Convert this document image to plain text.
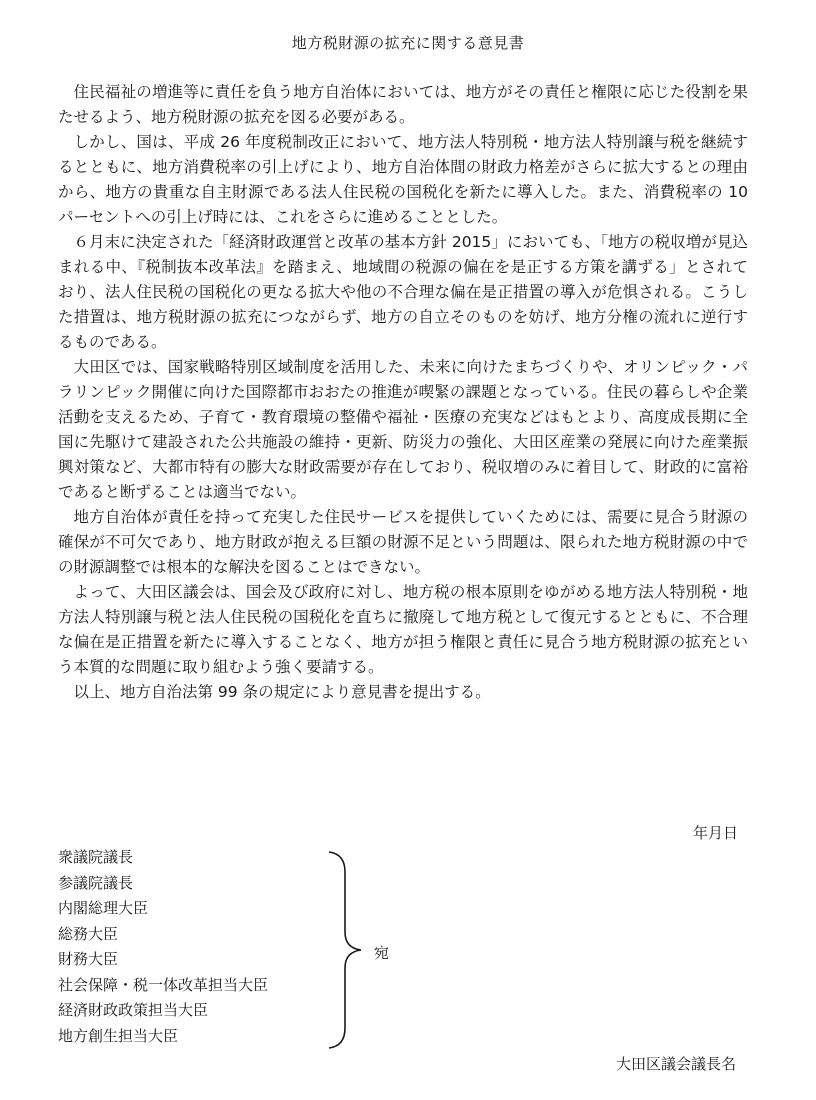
地方税財源の拡充に関する意見書

住民福祉の増進等に責任を負う地方自治体においては、地方がその責任と権限に応じた役割を果たせるよう、地方税財源の拡充を図る必要がある。

しかし、国は、平成 26 年度税制改正において、地方法人特別税・地方法人特別譲与税を継続するとともに、地方消費税率の引上げにより、地方自治体間の財政力格差がさらに拡大するとの理由から、地方の貴重な自主財源である法人住民税の国税化を新たに導入した。また、消費税率の 10 パーセントへの引上げ時には、これをさらに進めることとした。

６月末に決定された「経済財政運営と改革の基本方針 2015」においても、「地方の税収増が見込まれる中、『税制抜本改革法』を踏まえ、地域間の税源の偏在を是正する方策を講ずる」とされており、法人住民税の国税化の更なる拡大や他の不合理な偏在是正措置の導入が危惧される。こうした措置は、地方税財源の拡充につながらず、地方の自立そのものを妨げ、地方分権の流れに逆行するものである。

大田区では、国家戦略特別区域制度を活用した、未来に向けたまちづくりや、オリンピック・パラリンピック開催に向けた国際都市おおたの推進が喫緊の課題となっている。住民の暮らしや企業活動を支えるため、子育て・教育環境の整備や福祉・医療の充実などはもとより、高度成長期に全国に先駆けて建設された公共施設の維持・更新、防災力の強化、大田区産業の発展に向けた産業振興対策など、大都市特有の膨大な財政需要が存在しており、税収増のみに着目して、財政的に富裕であると断ずることは適当でない。

地方自治体が責任を持って充実した住民サービスを提供していくためには、需要に見合う財源の確保が不可欠であり、地方財政が抱える巨額の財源不足という問題は、限られた地方税財源の中での財源調整では根本的な解決を図ることはできない。

よって、大田区議会は、国会及び政府に対し、地方税の根本原則をゆがめる地方法人特別税・地方法人特別譲与税と法人住民税の国税化を直ちに撤廃して地方税として復元するとともに、不合理な偏在是正措置を新たに導入することなく、地方が担う権限と責任に見合う地方税財源の拡充という本質的な問題に取り組むよう強く要請する。

以上、地方自治法第 99 条の規定により意見書を提出する。

年月日
衆議院議長
参議院議長
内閣総理大臣
総務大臣
財務大臣
社会保障・税一体改革担当大臣
経済財政政策担当大臣
地方創生担当大臣
宛
大田区議会議長名
